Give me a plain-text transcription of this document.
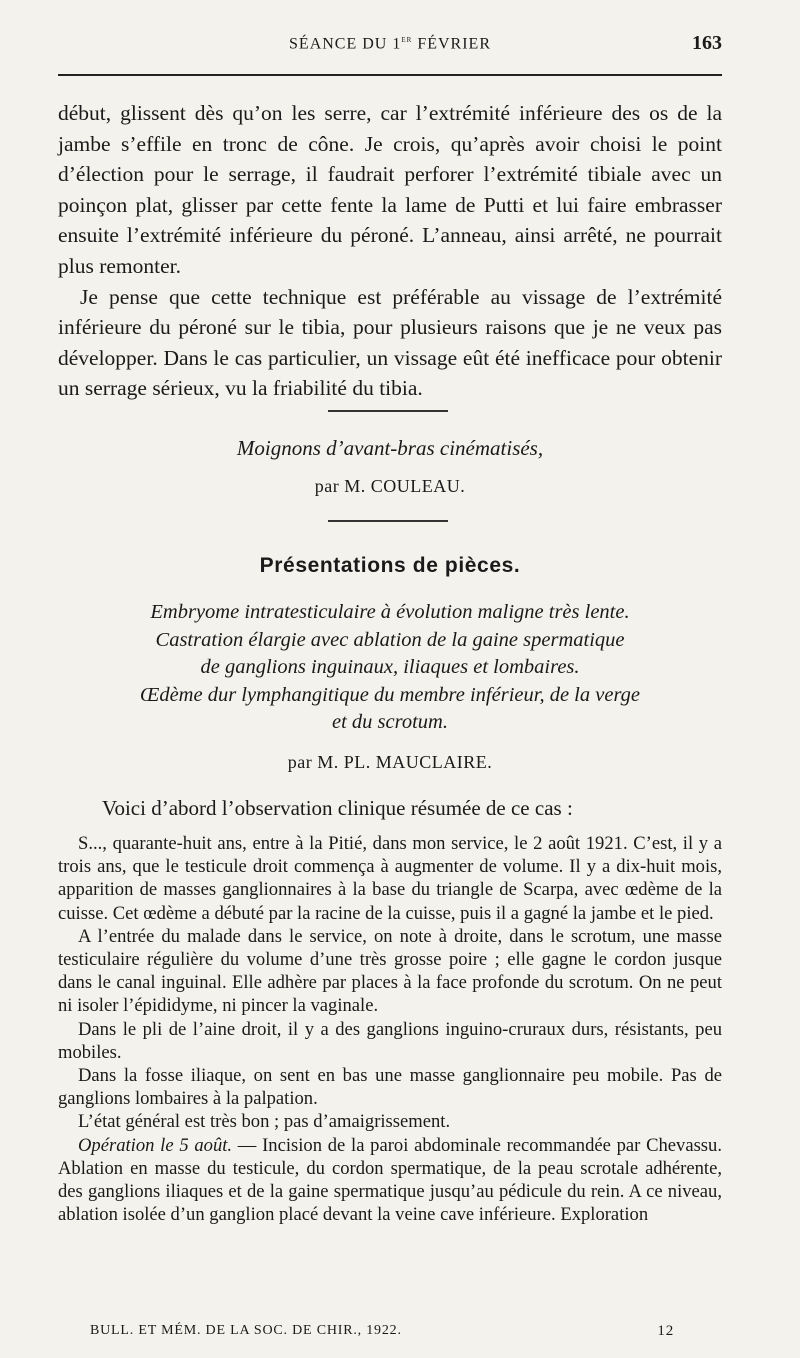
SÉANCE DU 1er FÉVRIER	163

début, glissent dès qu’on les serre, car l’extrémité inférieure des os de la jambe s’effile en tronc de cône. Je crois, qu’après avoir choisi le point d’élection pour le serrage, il faudrait perforer l’extrémité tibiale avec un poinçon plat, glisser par cette fente la lame de Putti et lui faire embrasser ensuite l’extrémité inférieure du péroné. L’anneau, ainsi arrêté, ne pourrait plus remonter.

Je pense que cette technique est préférable au vissage de l’extrémité inférieure du péroné sur le tibia, pour plusieurs raisons que je ne veux pas développer. Dans le cas particulier, un vissage eût été inefficace pour obtenir un serrage sérieux, vu la friabilité du tibia.

Moignons d’avant-bras cinématisés,
par M. COULEAU.
Présentations de pièces.
Embryome intratesticulaire à évolution maligne très lente.
Castration élargie avec ablation de la gaine spermatique
de ganglions inguinaux, iliaques et lombaires.
Œdème dur lymphangitique du membre inférieur, de la verge
et du scrotum.
par M. PL. MAUCLAIRE.
Voici d’abord l’observation clinique résumée de ce cas :

S..., quarante-huit ans, entre à la Pitié, dans mon service, le 2 août 1921. C’est, il y a trois ans, que le testicule droit commença à augmenter de volume. Il y a dix-huit mois, apparition de masses ganglionnaires à la base du triangle de Scarpa, avec œdème de la cuisse. Cet œdème a débuté par la racine de la cuisse, puis il a gagné la jambe et le pied.

A l’entrée du malade dans le service, on note à droite, dans le scrotum, une masse testiculaire régulière du volume d’une très grosse poire ; elle gagne le cordon jusque dans le canal inguinal. Elle adhère par places à la face profonde du scrotum. On ne peut ni isoler l’épididyme, ni pincer la vaginale.

Dans le pli de l’aine droit, il y a des ganglions inguino-cruraux durs, résistants, peu mobiles.

Dans la fosse iliaque, on sent en bas une masse ganglionnaire peu mobile. Pas de ganglions lombaires à la palpation.

L’état général est très bon ; pas d’amaigrissement.

Opération le 5 août. — Incision de la paroi abdominale recommandée par Chevassu. Ablation en masse du testicule, du cordon spermatique, de la peau scrotale adhérente, des ganglions iliaques et de la gaine spermatique jusqu’au pédicule du rein. A ce niveau, ablation isolée d’un ganglion placé devant la veine cave inférieure. Exploration

BULL. ET MÉM. DE LA SOC. DE CHIR., 1922.	12
